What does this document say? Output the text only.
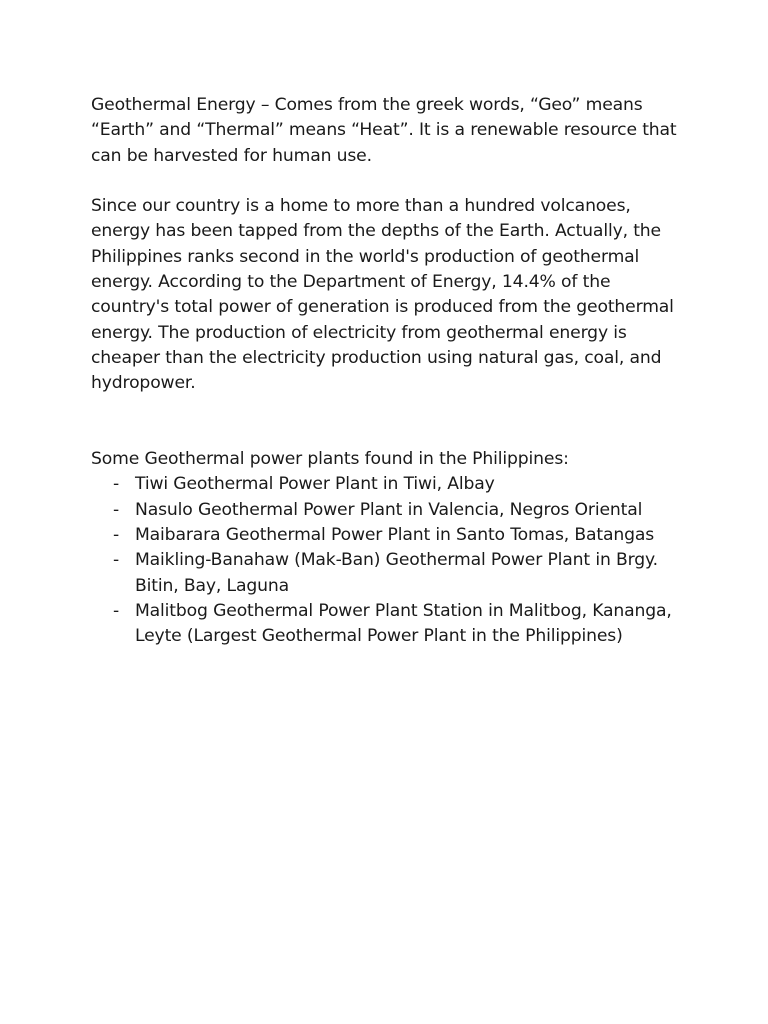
Geothermal Energy – Comes from the greek words, “Geo” means “Earth” and “Thermal” means “Heat”. It is a renewable resource that can be harvested for human use.

Since our country is a home to more than a hundred volcanoes, energy has been tapped from the depths of the Earth. Actually, the Philippines ranks second in the world's production of geothermal energy. According to the Department of Energy, 14.4% of the country's total power of generation is produced from the geothermal energy. The production of electricity from geothermal energy is cheaper than the electricity production using natural gas, coal, and hydropower.

Some Geothermal power plants found in the Philippines:

- Tiwi Geothermal Power Plant in Tiwi, Albay
- Nasulo Geothermal Power Plant in Valencia, Negros Oriental
- Maibarara Geothermal Power Plant in Santo Tomas, Batangas
- Maikling-Banahaw (Mak-Ban) Geothermal Power Plant in Brgy. Bitin, Bay, Laguna
- Malitbog Geothermal Power Plant Station in Malitbog, Kananga, Leyte (Largest Geothermal Power Plant in the Philippines)
